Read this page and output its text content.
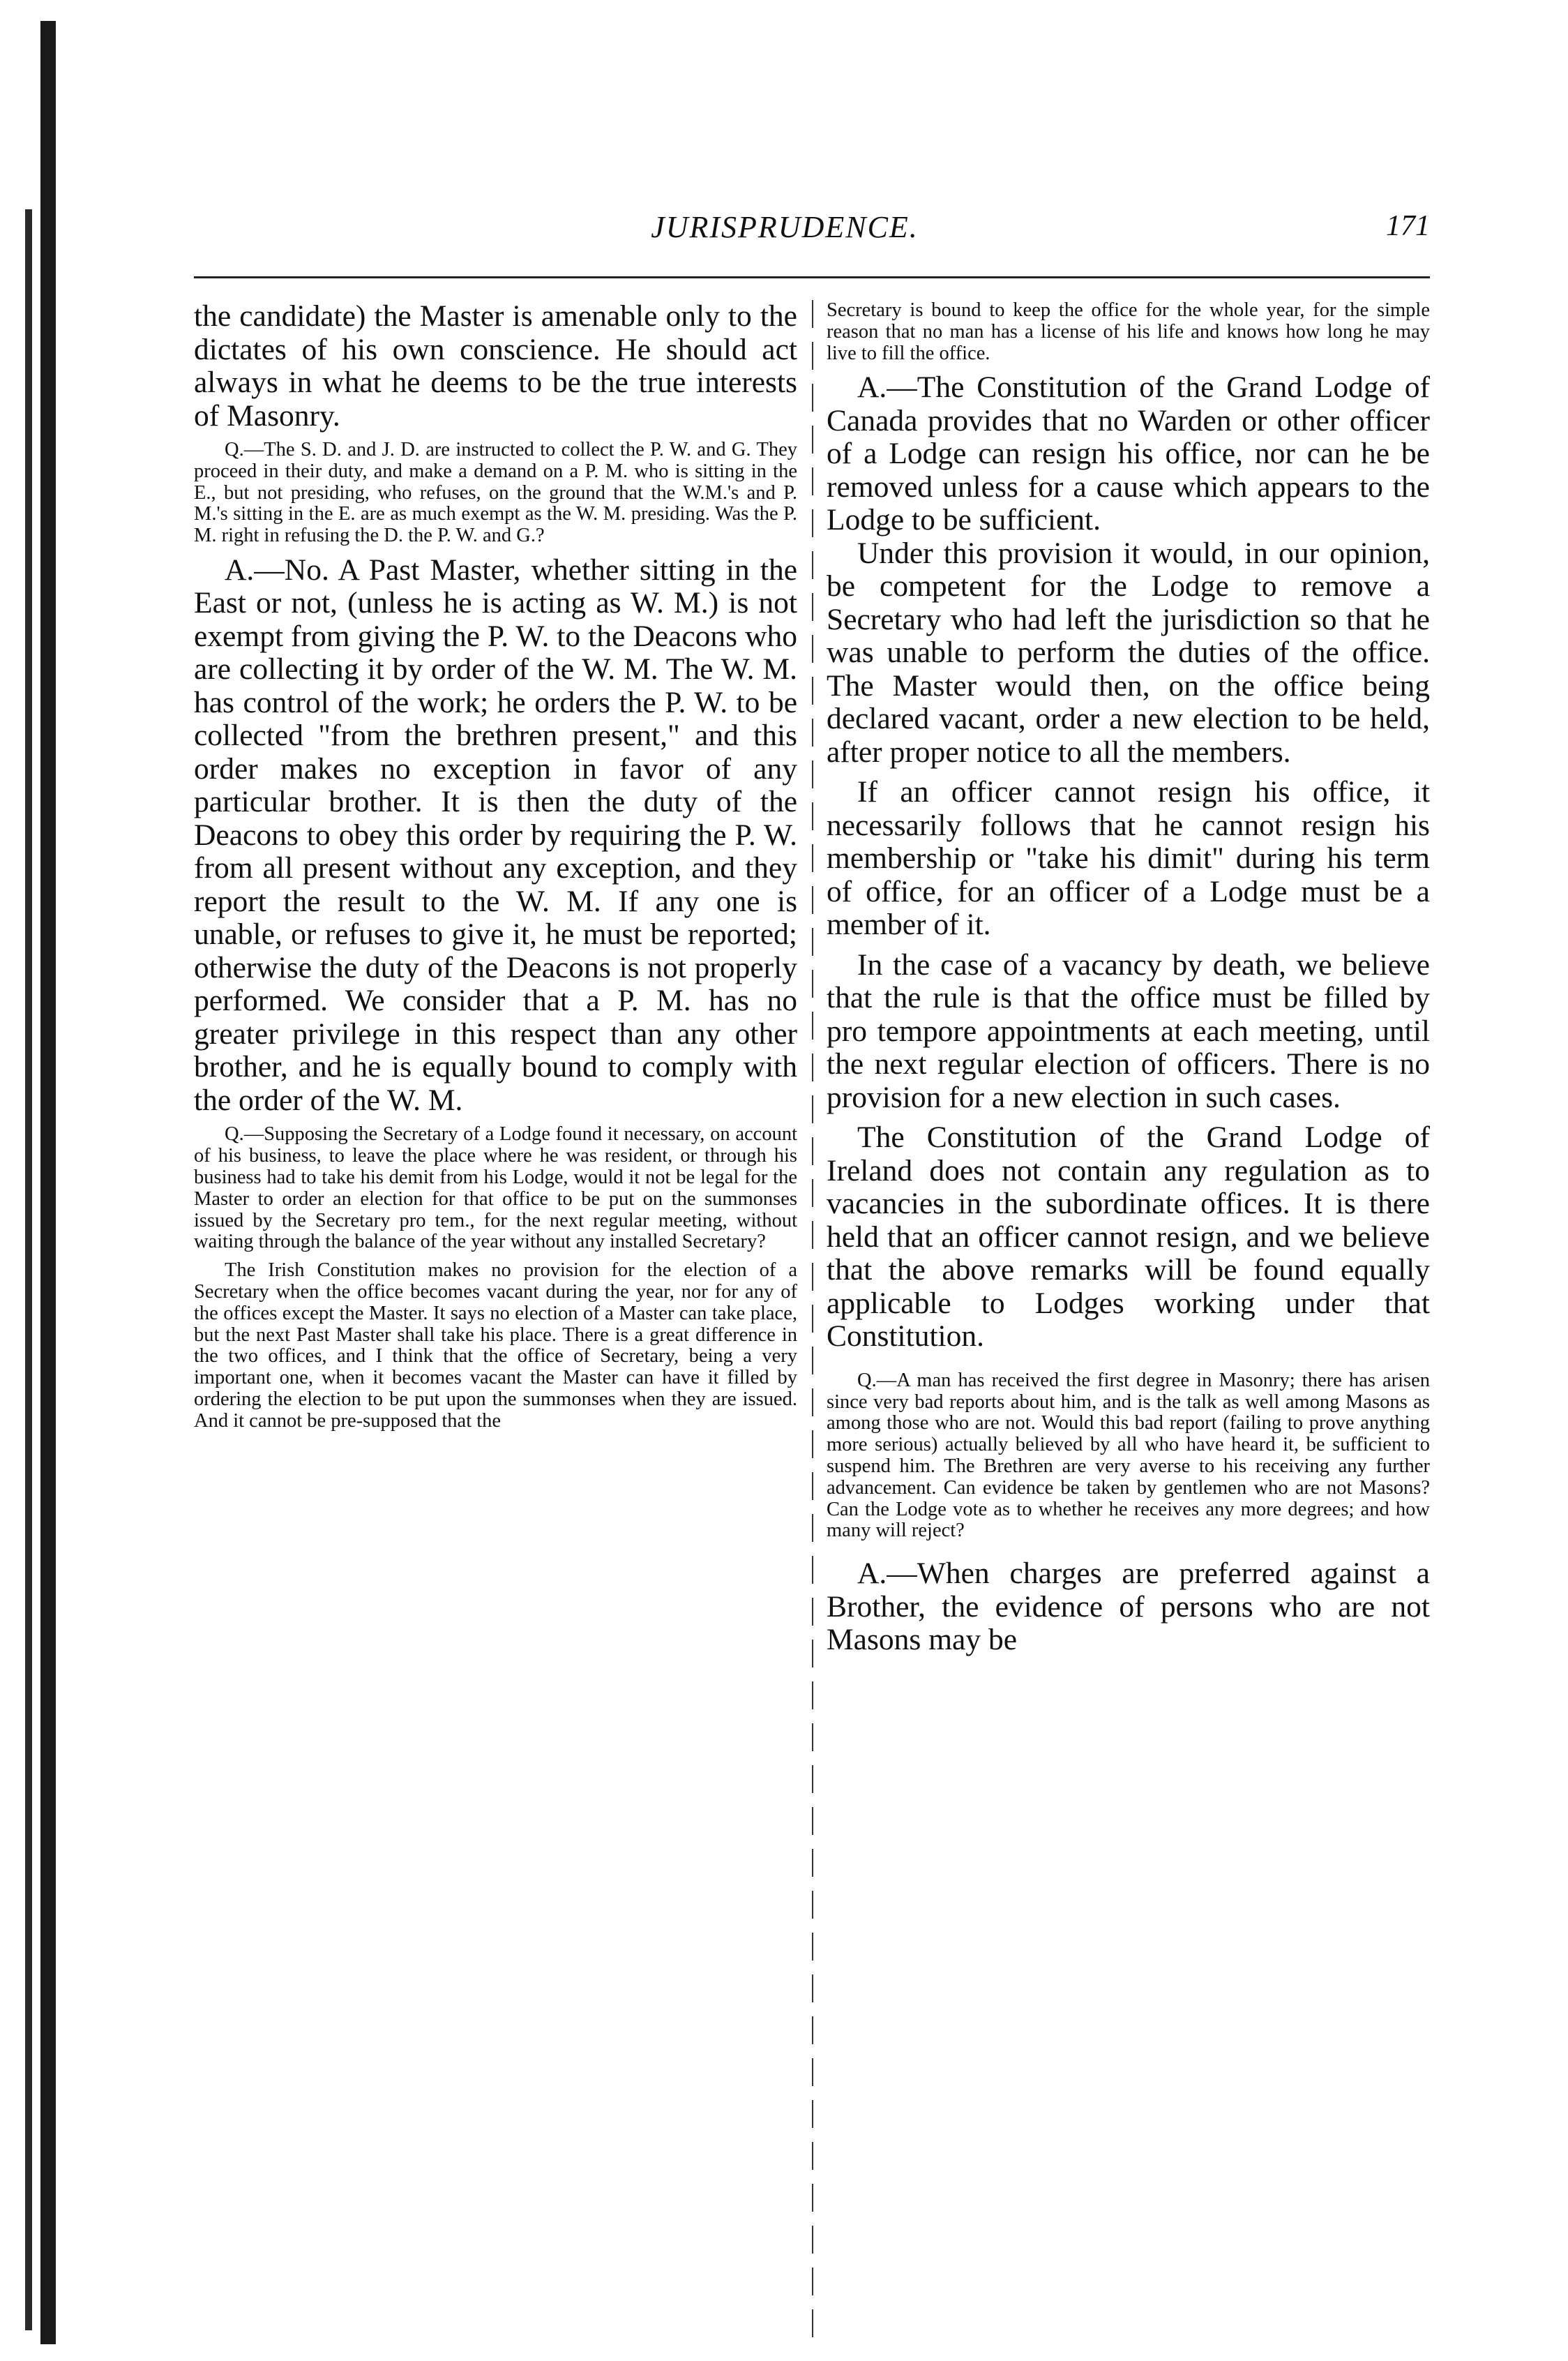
JURISPRUDENCE.	171

the candidate) the Master is amenable only to the dictates of his own conscience. He should act always in what he deems to be the true interests of Masonry.

Q.—The S. D. and J. D. are instructed to collect the P. W. and G. They proceed in their duty, and make a demand on a P. M. who is sitting in the E., but not presiding, who refuses, on the ground that the W.M.'s and P. M.'s sitting in the E. are as much exempt as the W. M. presiding. Was the P. M. right in refusing the D. the P. W. and G.?

A.—No. A Past Master, whether sitting in the East or not, (unless he is acting as W. M.) is not exempt from giving the P. W. to the Deacons who are collecting it by order of the W. M. The W. M. has control of the work; he orders the P. W. to be collected "from the brethren present," and this order makes no exception in favor of any particular brother. It is then the duty of the Deacons to obey this order by requiring the P. W. from all present without any exception, and they report the result to the W. M. If any one is unable, or refuses to give it, he must be reported; otherwise the duty of the Deacons is not properly performed. We consider that a P. M. has no greater privilege in this respect than any other brother, and he is equally bound to comply with the order of the W. M.

Q.—Supposing the Secretary of a Lodge found it necessary, on account of his business, to leave the place where he was resident, or through his business had to take his demit from his Lodge, would it not be legal for the Master to order an election for that office to be put on the summonses issued by the Secretary pro tem., for the next regular meeting, without waiting through the balance of the year without any installed Secretary?

The Irish Constitution makes no provision for the election of a Secretary when the office becomes vacant during the year, nor for any of the offices except the Master. It says no election of a Master can take place, but the next Past Master shall take his place. There is a great difference in the two offices, and I think that the office of Secretary, being a very important one, when it becomes vacant the Master can have it filled by ordering the election to be put upon the summonses when they are issued. And it cannot be pre-supposed that the

Secretary is bound to keep the office for the whole year, for the simple reason that no man has a license of his life and knows how long he may live to fill the office.

A.—The Constitution of the Grand Lodge of Canada provides that no Warden or other officer of a Lodge can resign his office, nor can he be removed unless for a cause which appears to the Lodge to be sufficient.

Under this provision it would, in our opinion, be competent for the Lodge to remove a Secretary who had left the jurisdiction so that he was unable to perform the duties of the office. The Master would then, on the office being declared vacant, order a new election to be held, after proper notice to all the members.

If an officer cannot resign his office, it necessarily follows that he cannot resign his membership or "take his dimit" during his term of office, for an officer of a Lodge must be a member of it.

In the case of a vacancy by death, we believe that the rule is that the office must be filled by pro tempore appointments at each meeting, until the next regular election of officers. There is no provision for a new election in such cases.

The Constitution of the Grand Lodge of Ireland does not contain any regulation as to vacancies in the subordinate offices. It is there held that an officer cannot resign, and we believe that the above remarks will be found equally applicable to Lodges working under that Constitution.

Q.—A man has received the first degree in Masonry; there has arisen since very bad reports about him, and is the talk as well among Masons as among those who are not. Would this bad report (failing to prove anything more serious) actually believed by all who have heard it, be sufficient to suspend him. The Brethren are very averse to his receiving any further advancement. Can evidence be taken by gentlemen who are not Masons? Can the Lodge vote as to whether he receives any more degrees; and how many will reject?

A.—When charges are preferred against a Brother, the evidence of persons who are not Masons may be
